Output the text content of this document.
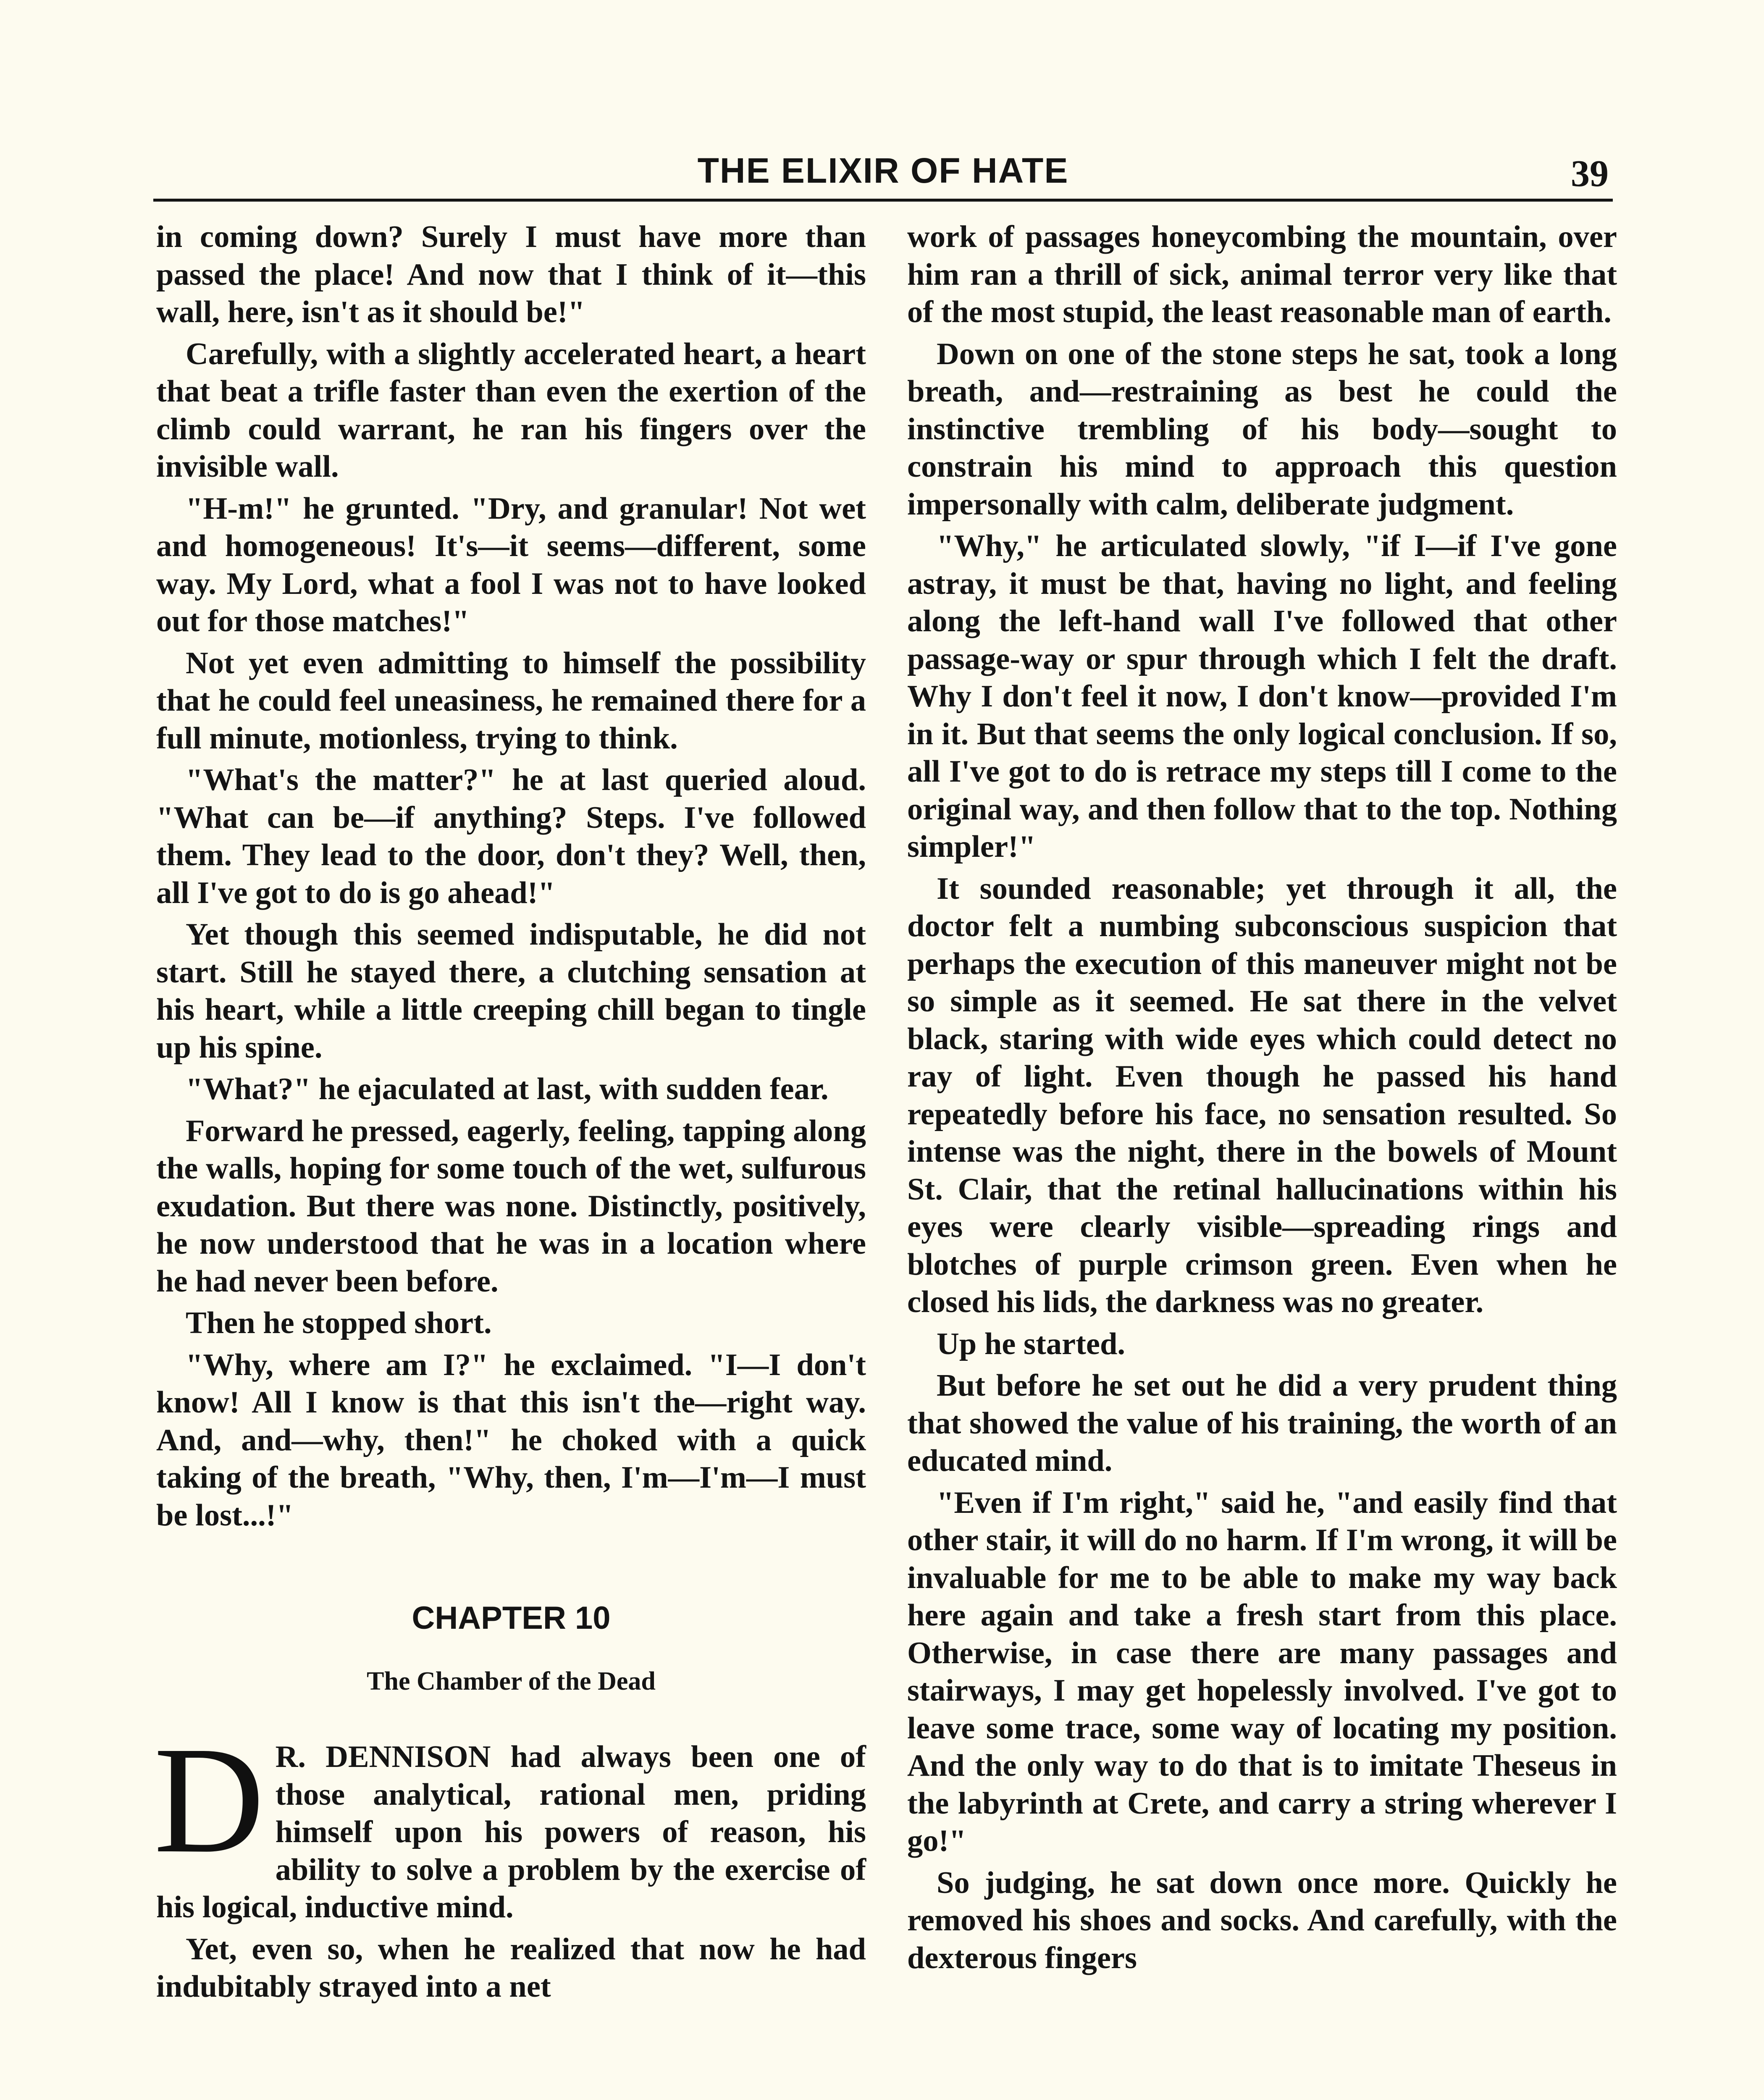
THE ELIXIR OF HATE	39

in coming down? Surely I must have more than passed the place! And now that I think of it—this wall, here, isn't as it should be!"

Carefully, with a slightly accelerated heart, a heart that beat a trifle faster than even the exertion of the climb could warrant, he ran his fingers over the invisible wall.

"H-m!" he grunted. "Dry, and granular! Not wet and homogeneous! It's—it seems—different, some way. My Lord, what a fool I was not to have looked out for those matches!"

Not yet even admitting to himself the possibility that he could feel uneasiness, he remained there for a full minute, motionless, trying to think.

"What's the matter?" he at last queried aloud. "What can be—if anything? Steps. I've followed them. They lead to the door, don't they? Well, then, all I've got to do is go ahead!"

Yet though this seemed indisputable, he did not start. Still he stayed there, a clutching sensation at his heart, while a little creeping chill began to tingle up his spine.

"What?" he ejaculated at last, with sudden fear.

Forward he pressed, eagerly, feeling, tapping along the walls, hoping for some touch of the wet, sulfurous exudation. But there was none. Distinctly, positively, he now understood that he was in a location where he had never been before.

Then he stopped short.

"Why, where am I?" he exclaimed. "I—I don't know! All I know is that this isn't the—right way. And, and—why, then!" he choked with a quick taking of the breath, "Why, then, I'm—I'm—I must be lost...!"

CHAPTER 10
The Chamber of the Dead

D R. DENNISON had always been one of those analytical, rational men, priding himself upon his powers of reason, his ability to solve a problem by the exercise of his logical, inductive mind.

Yet, even so, when he realized that now he had indubitably strayed into a net

work of passages honeycombing the mountain, over him ran a thrill of sick, animal terror very like that of the most stupid, the least reasonable man of earth.

Down on one of the stone steps he sat, took a long breath, and—restraining as best he could the instinctive trembling of his body—sought to constrain his mind to approach this question impersonally with calm, deliberate judgment.

"Why," he articulated slowly, "if I—if I've gone astray, it must be that, having no light, and feeling along the left-hand wall I've followed that other passage-way or spur through which I felt the draft. Why I don't feel it now, I don't know—provided I'm in it. But that seems the only logical conclusion. If so, all I've got to do is retrace my steps till I come to the original way, and then follow that to the top. Nothing simpler!"

It sounded reasonable; yet through it all, the doctor felt a numbing subconscious suspicion that perhaps the execution of this maneuver might not be so simple as it seemed. He sat there in the velvet black, staring with wide eyes which could detect no ray of light. Even though he passed his hand repeatedly before his face, no sensation resulted. So intense was the night, there in the bowels of Mount St. Clair, that the retinal hallucinations within his eyes were clearly visible—spreading rings and blotches of purple crimson green. Even when he closed his lids, the darkness was no greater.

Up he started.

But before he set out he did a very prudent thing that showed the value of his training, the worth of an educated mind.

"Even if I'm right," said he, "and easily find that other stair, it will do no harm. If I'm wrong, it will be invaluable for me to be able to make my way back here again and take a fresh start from this place. Otherwise, in case there are many passages and stairways, I may get hopelessly involved. I've got to leave some trace, some way of locating my position. And the only way to do that is to imitate Theseus in the labyrinth at Crete, and carry a string wherever I go!"

So judging, he sat down once more. Quickly he removed his shoes and socks. And carefully, with the dexterous fingers
